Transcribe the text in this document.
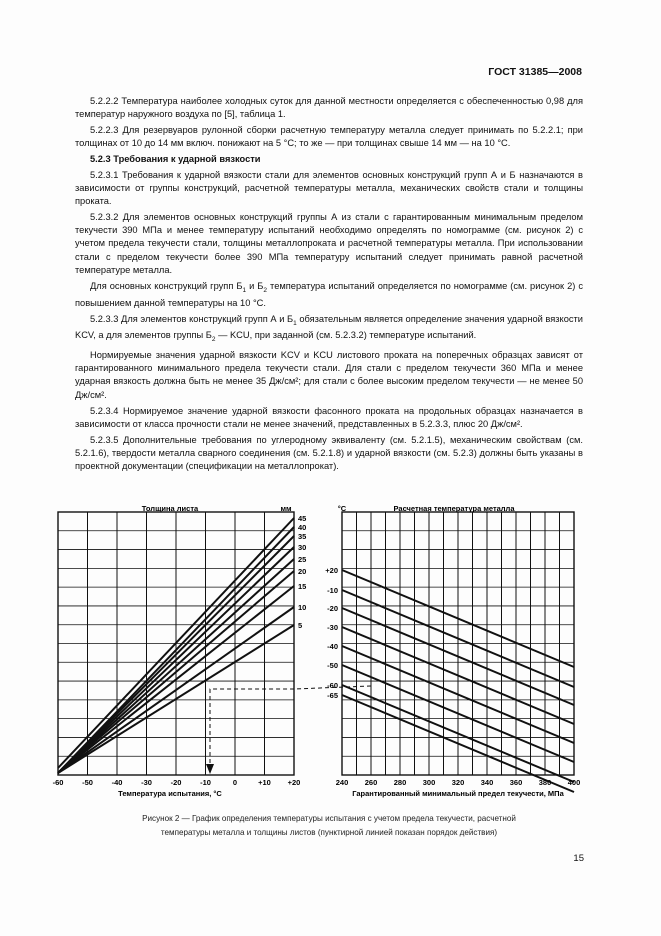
ГОСТ 31385—2008

5.2.2.2 Температура наиболее холодных суток для данной местности определяется с обеспеченностью 0,98 для температур наружного воздуха по [5], таблица 1.

5.2.2.3 Для резервуаров рулонной сборки расчетную температуру металла следует принимать по 5.2.2.1; при толщинах от 10 до 14 мм включ. понижают на 5 °С; то же — при толщинах свыше 14 мм — на 10 °С.

5.2.3 Требования к ударной вязкости

5.2.3.1 Требования к ударной вязкости стали для элементов основных конструкций групп А и Б назначаются в зависимости от группы конструкций, расчетной температуры металла, механических свойств стали и толщины проката.

5.2.3.2 Для элементов основных конструкций группы А из стали с гарантированным минимальным пределом текучести 390 МПа и менее температуру испытаний необходимо определять по номограмме (см. рисунок 2) с учетом предела текучести стали, толщины металлопроката и расчетной температуры металла. При использовании стали с пределом текучести более 390 МПа температуру испытаний следует принимать равной расчетной температуре металла.

Для основных конструкций групп $Б_1$ и $Б_2$ температура испытаний определяется по номограмме (см. рисунок 2) с повышением данной температуры на 10 °С.

5.2.3.3 Для элементов конструкций групп А и $Б_1$ обязательным является определение значения ударной вязкости KCV, а для элементов группы $Б_2$ — KCU, при заданной (см. 5.2.3.2) температуре испытаний.

Нормируемые значения ударной вязкости KCV и KCU листового проката на поперечных образцах зависят от гарантированного минимального предела текучести стали. Для стали с пределом текучести 360 МПа и менее ударная вязкость должна быть не менее 35 Дж/см²; для стали с более высоким пределом текучести — не менее 50 Дж/см².

5.2.3.4 Нормируемое значение ударной вязкости фасонного проката на продольных образцах назначается в зависимости от класса прочности стали не менее значений, представленных в 5.2.3.3, плюс 20 Дж/см².

5.2.3.5 Дополнительные требования по углеродному эквиваленту (см. 5.2.1.5), механическим свойствам (см. 5.2.1.6), твердости металла сварного соединения (см. 5.2.1.8) и ударной вязкости (см. 5.2.3) должны быть указаны в проектной документации (спецификации на металлопрокат).

Толщина листа	мм
45
40
35
30
25
20
15
10
5
-60 -50 -40 -30 -20 -10	0	+10 +20
Температура испытания, °С
°С	Расчетная температура металла
+20
-10
-20
-30
-40
-50
-60
-65
240 260 280 300 320 340 360 380 400
Гарантированный минимальный предел текучести, МПа
Рисунок 2 — График определения температуры испытания с учетом предела текучести, расчетной
температуры металла и толщины листов (пунктирной линией показан порядок действия)
15
